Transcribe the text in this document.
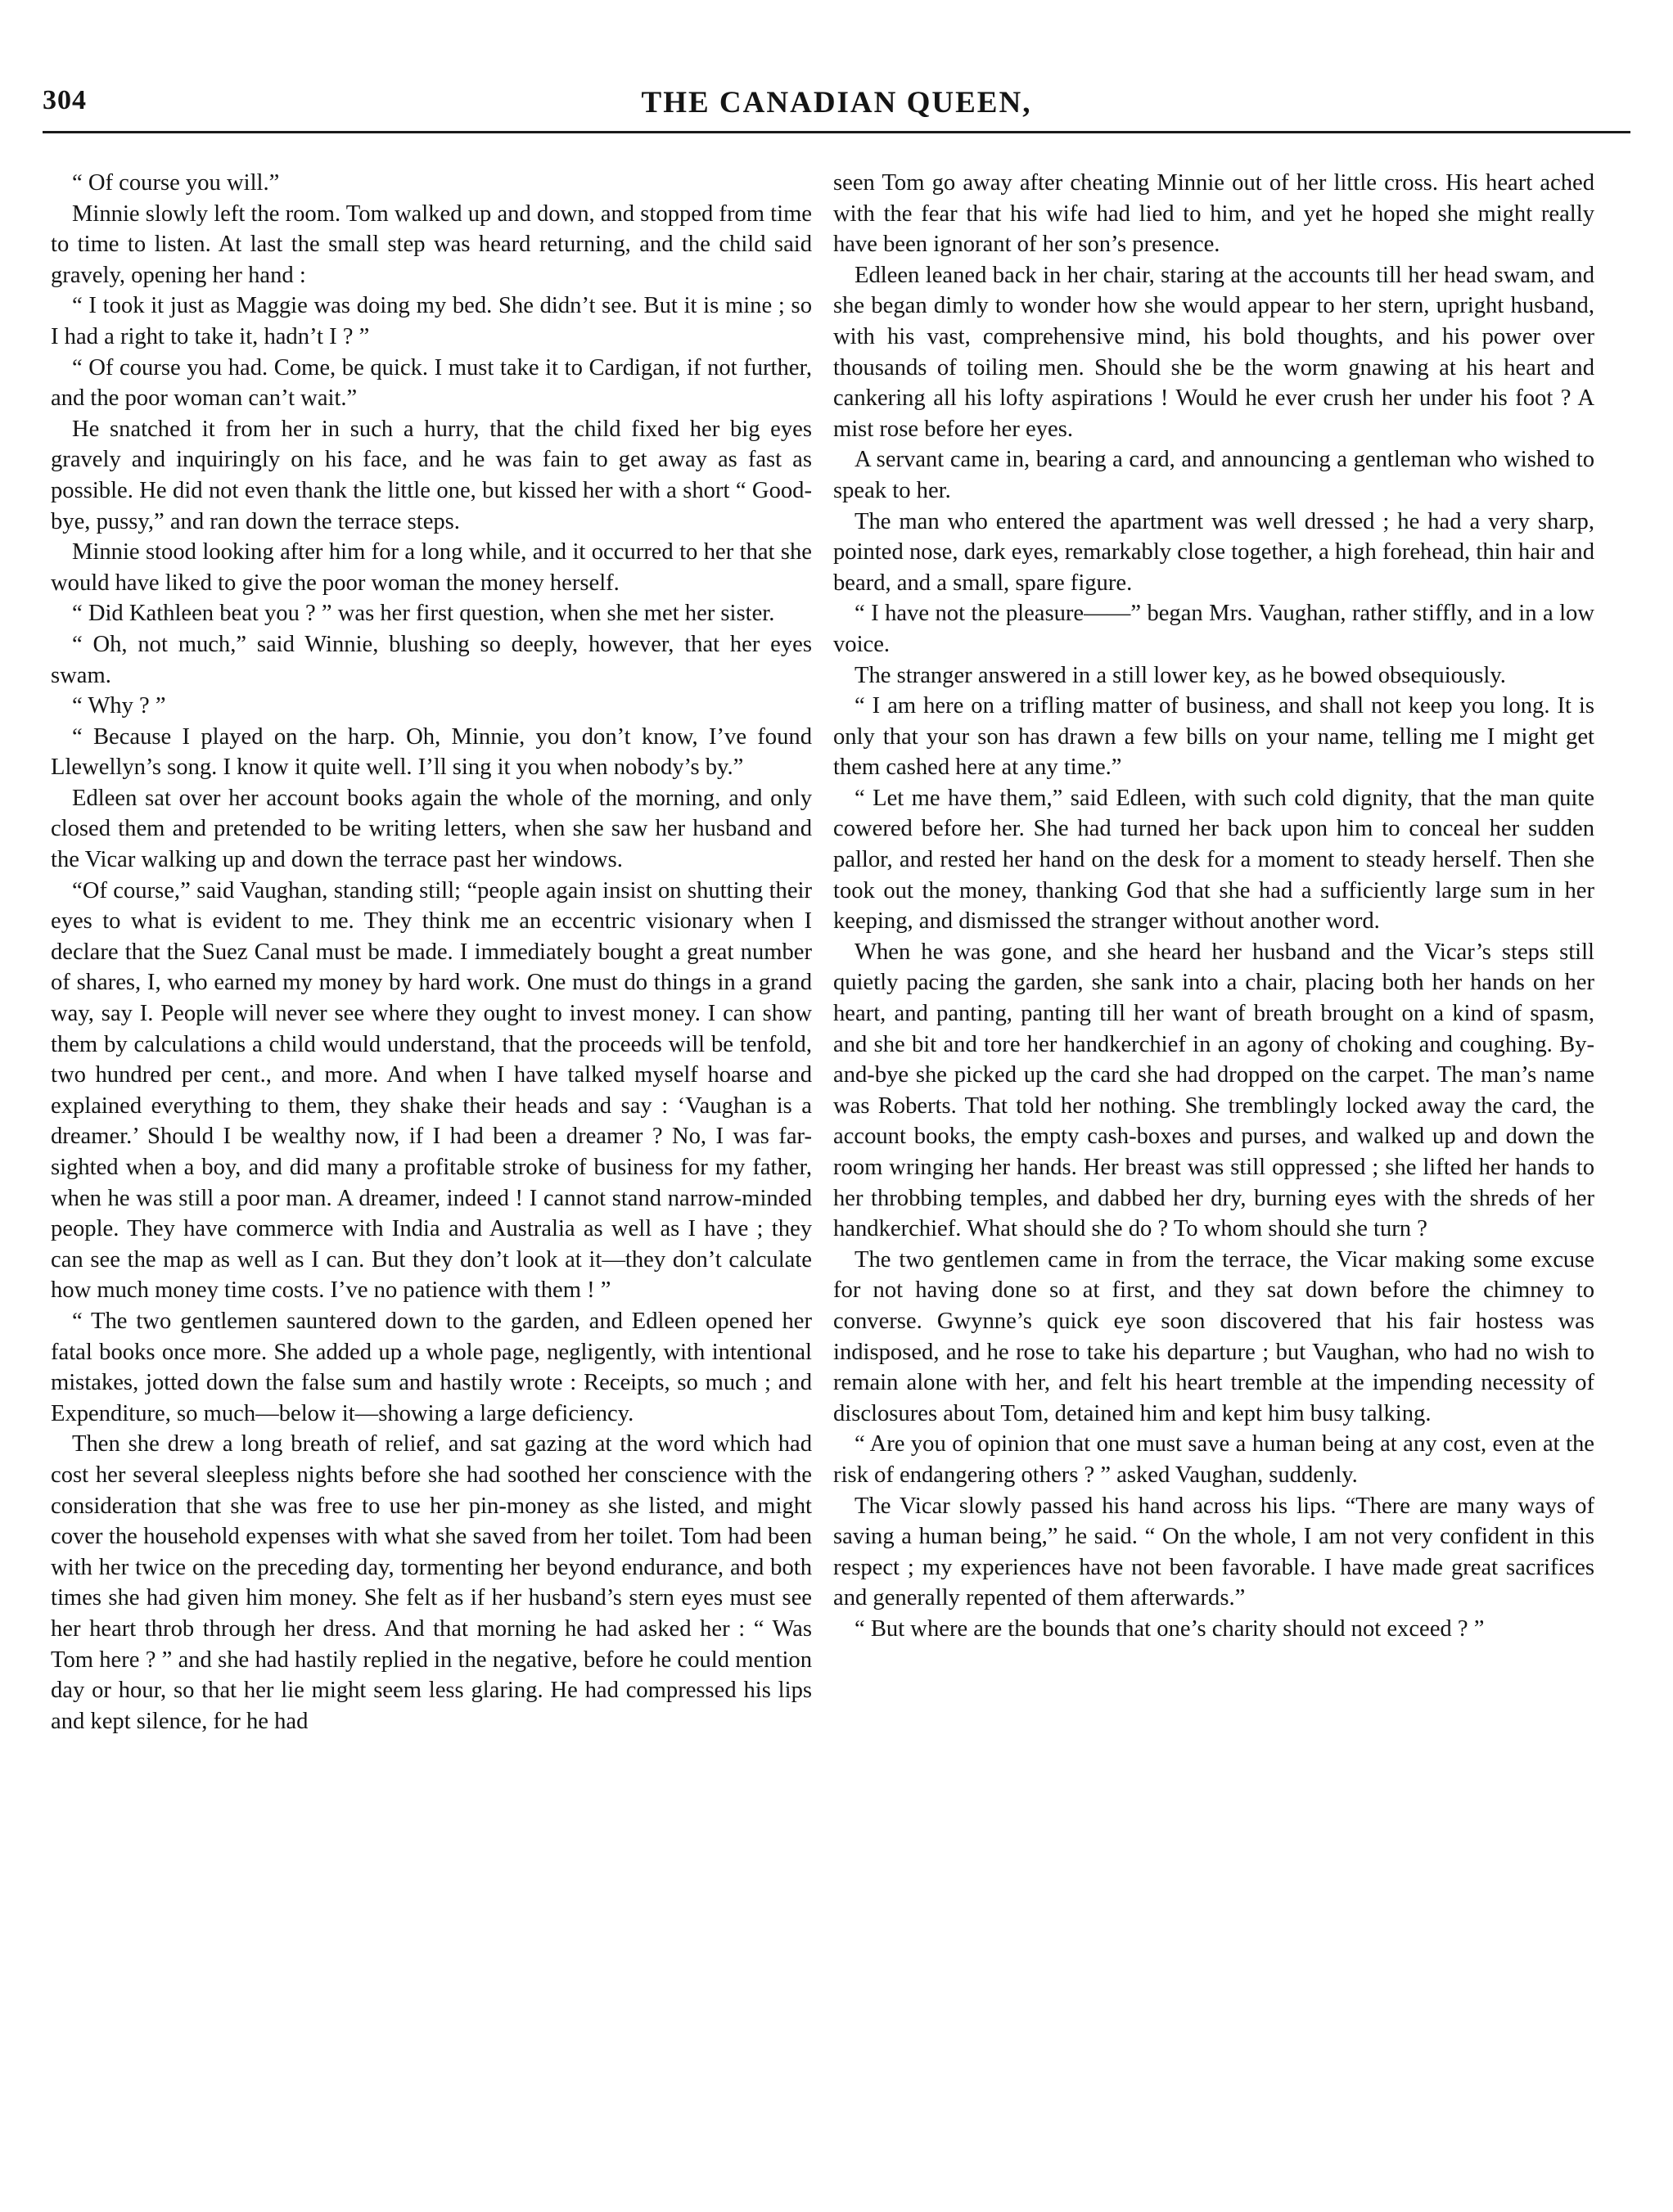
304	THE CANADIAN QUEEN,

“ Of course you will.”

Minnie slowly left the room. Tom walked up and down, and stopped from time to time to listen. At last the small step was heard returning, and the child said gravely, opening her hand :

“ I took it just as Maggie was doing my bed. She didn’t see. But it is mine ; so I had a right to take it, hadn’t I ? ”

“ Of course you had. Come, be quick. I must take it to Cardigan, if not further, and the poor woman can’t wait.”

He snatched it from her in such a hurry, that the child fixed her big eyes gravely and inquiringly on his face, and he was fain to get away as fast as possible. He did not even thank the little one, but kissed her with a short “ Good-bye, pussy,” and ran down the terrace steps.

Minnie stood looking after him for a long while, and it occurred to her that she would have liked to give the poor woman the money herself.

“ Did Kathleen beat you ? ” was her first question, when she met her sister.

“ Oh, not much,” said Winnie, blushing so deeply, however, that her eyes swam.

“ Why ? ”

“ Because I played on the harp. Oh, Minnie, you don’t know, I’ve found Llewellyn’s song. I know it quite well. I’ll sing it you when nobody’s by.”

Edleen sat over her account books again the whole of the morning, and only closed them and pretended to be writing letters, when she saw her husband and the Vicar walking up and down the terrace past her windows.

“Of course,” said Vaughan, standing still; “people again insist on shutting their eyes to what is evident to me. They think me an eccentric visionary when I declare that the Suez Canal must be made. I immediately bought a great number of shares, I, who earned my money by hard work. One must do things in a grand way, say I. People will never see where they ought to invest money. I can show them by calculations a child would understand, that the proceeds will be tenfold, two hundred per cent., and more. And when I have talked myself hoarse and explained everything to them, they shake their heads and say : ‘Vaughan is a dreamer.’ Should I be wealthy now, if I had been a dreamer ? No, I was far-sighted when a boy, and did many a profitable stroke of business for my father, when he was still a poor man. A dreamer, indeed ! I cannot stand narrow-minded people. They have commerce with India and Australia as well as I have ; they can see the map as well as I can. But they don’t look at it—they don’t calculate how much money time costs. I’ve no patience with them ! ”

“ The two gentlemen sauntered down to the garden, and Edleen opened her fatal books once more. She added up a whole page, negligently, with intentional mistakes, jotted down the false sum and hastily wrote : Receipts, so much ; and Expenditure, so much—below it—showing a large deficiency.

Then she drew a long breath of relief, and sat gazing at the word which had cost her several sleepless nights before she had soothed her conscience with the consideration that she was free to use her pin-money as she listed, and might cover the household expenses with what she saved from her toilet. Tom had been with her twice on the preceding day, tormenting her beyond endurance, and both times she had given him money. She felt as if her husband’s stern eyes must see her heart throb through her dress. And that morning he had asked her : “ Was Tom here ? ” and she had hastily replied in the negative, before he could mention day or hour, so that her lie might seem less glaring. He had compressed his lips and kept silence, for he had

seen Tom go away after cheating Minnie out of her little cross. His heart ached with the fear that his wife had lied to him, and yet he hoped she might really have been ignorant of her son’s presence.

Edleen leaned back in her chair, staring at the accounts till her head swam, and she began dimly to wonder how she would appear to her stern, upright husband, with his vast, comprehensive mind, his bold thoughts, and his power over thousands of toiling men. Should she be the worm gnawing at his heart and cankering all his lofty aspirations ! Would he ever crush her under his foot ? A mist rose before her eyes.

A servant came in, bearing a card, and announcing a gentleman who wished to speak to her.

The man who entered the apartment was well dressed ; he had a very sharp, pointed nose, dark eyes, remarkably close together, a high forehead, thin hair and beard, and a small, spare figure.

“ I have not the pleasure——” began Mrs. Vaughan, rather stiffly, and in a low voice.

The stranger answered in a still lower key, as he bowed obsequiously.

“ I am here on a trifling matter of business, and shall not keep you long. It is only that your son has drawn a few bills on your name, telling me I might get them cashed here at any time.”

“ Let me have them,” said Edleen, with such cold dignity, that the man quite cowered before her. She had turned her back upon him to conceal her sudden pallor, and rested her hand on the desk for a moment to steady herself. Then she took out the money, thanking God that she had a sufficiently large sum in her keeping, and dismissed the stranger without another word.

When he was gone, and she heard her husband and the Vicar’s steps still quietly pacing the garden, she sank into a chair, placing both her hands on her heart, and panting, panting till her want of breath brought on a kind of spasm, and she bit and tore her handkerchief in an agony of choking and coughing. By-and-bye she picked up the card she had dropped on the carpet. The man’s name was Roberts. That told her nothing. She tremblingly locked away the card, the account books, the empty cash-boxes and purses, and walked up and down the room wringing her hands. Her breast was still oppressed ; she lifted her hands to her throbbing temples, and dabbed her dry, burning eyes with the shreds of her handkerchief. What should she do ? To whom should she turn ?

The two gentlemen came in from the terrace, the Vicar making some excuse for not having done so at first, and they sat down before the chimney to converse. Gwynne’s quick eye soon discovered that his fair hostess was indisposed, and he rose to take his departure ; but Vaughan, who had no wish to remain alone with her, and felt his heart tremble at the impending necessity of disclosures about Tom, detained him and kept him busy talking.

“ Are you of opinion that one must save a human being at any cost, even at the risk of endangering others ? ” asked Vaughan, suddenly.

The Vicar slowly passed his hand across his lips. “There are many ways of saving a human being,” he said. “ On the whole, I am not very confident in this respect ; my experiences have not been favorable. I have made great sacrifices and generally repented of them afterwards.”

“ But where are the bounds that one’s charity should not exceed ? ”
